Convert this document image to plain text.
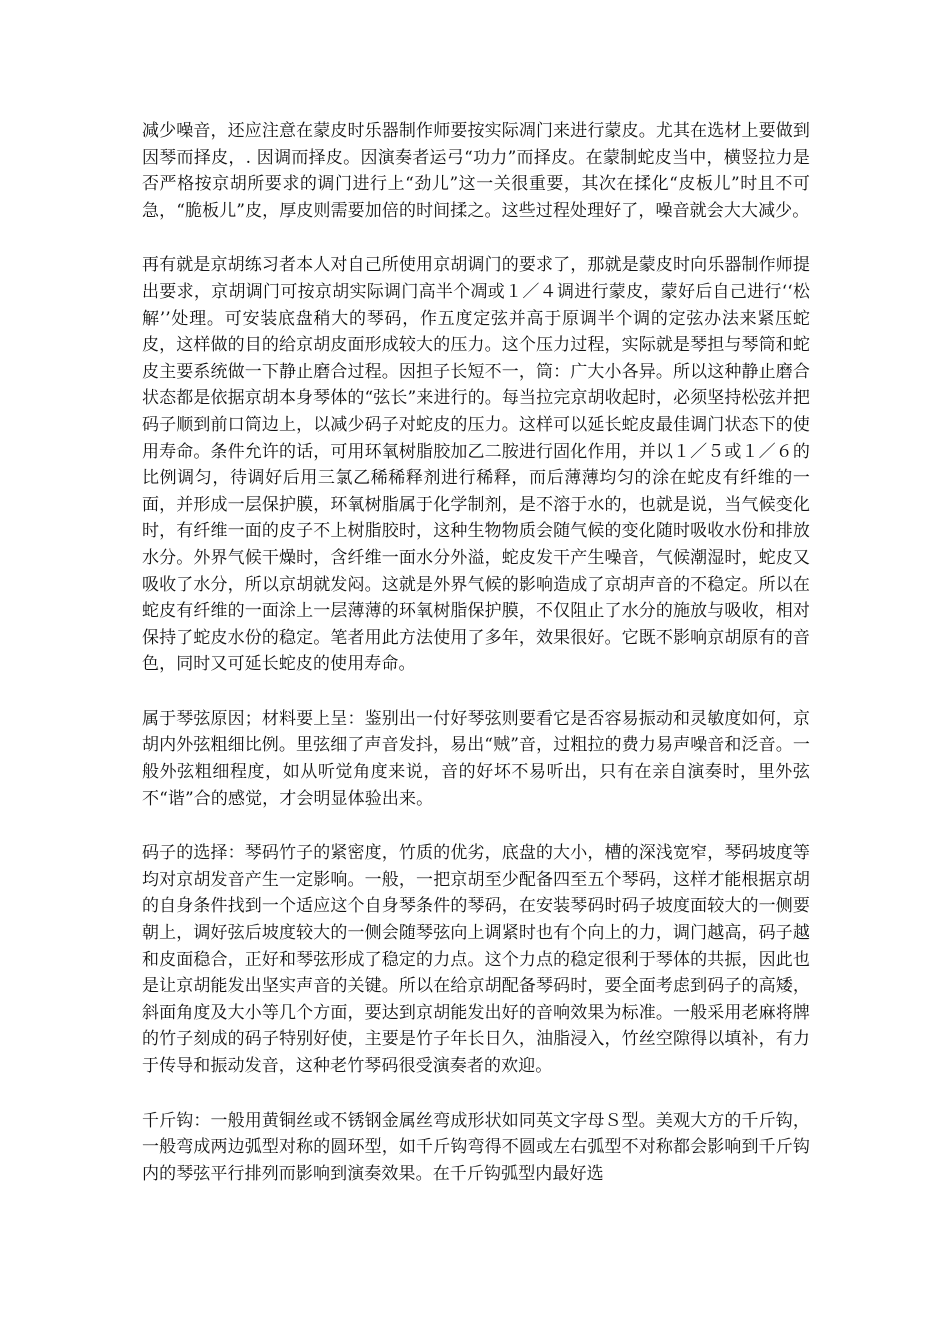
减少噪音，还应注意在蒙皮时乐器制作师要按实际凋门来进行蒙皮。尤其在选材上要做到因琴而择皮，. 因调而择皮。因演奏者运弓“功力”而择皮。在蒙制蛇皮当中，横竖拉力是否严格按京胡所要求的调门进行上“劲儿”这一关很重要，其次在揉化“皮板儿”时且不可急，“脆板儿”皮，厚皮则需要加倍的时间揉之。这些过程处理好了，噪音就会大大减少。

再有就是京胡练习者本人对自己所使用京胡调门的要求了，那就是蒙皮时向乐器制作师提出要求，京胡调门可按京胡实际调门高半个凋或１／４调进行蒙皮，蒙好后自己进行‘‘松解’’处理。可安装底盘稍大的琴码，作五度定弦并高于原调半个调的定弦办法来紧压蛇皮，这样做的目的给京胡皮面形成较大的压力。这个压力过程，实际就是琴担与琴筒和蛇皮主要系统做一下静止磨合过程。因担子长短不一，筒：广大小各异。所以这种静止磨合状态都是依据京胡本身琴体的“弦长”来进行的。每当拉完京胡收起时，必须坚持松弦并把码子顺到前口筒边上，以减少码子对蛇皮的压力。这样可以延长蛇皮最佳调门状态下的使用寿命。条件允许的话，可用环氧树脂胶加乙二胺进行固化作用，并以１／５或１／６的比例调匀，待调好后用三氯乙稀稀释剂进行稀释，而后薄薄均匀的涂在蛇皮有纤维的一面，并形成一层保护膜，环氧树脂属于化学制剂，是不溶于水的，也就是说，当气候变化时，有纤维一面的皮子不上树脂胶时，这种生物物质会随气候的变化随时吸收水份和排放水分。外界气候干燥时，含纤维一面水分外溢，蛇皮发干产生噪音，气候潮湿时，蛇皮又吸收了水分，所以京胡就发闷。这就是外界气候的影响造成了京胡声音的不稳定。所以在蛇皮有纤维的一面涂上一层薄薄的环氧树脂保护膜，不仅阻止了水分的施放与吸收，相对保持了蛇皮水份的稳定。笔者用此方法使用了多年，效果很好。它既不影响京胡原有的音色，同时又可延长蛇皮的使用寿命。

属于琴弦原因；材料要上呈：鉴别出一付好琴弦则要看它是否容易振动和灵敏度如何，京胡内外弦粗细比例。里弦细了声音发抖，易出“贼”音，过粗拉的费力易声噪音和泛音。一般外弦粗细程度，如从听觉角度来说，音的好坏不易听出，只有在亲自演奏时，里外弦不“谐”合的感觉，才会明显体验出来。

码子的选择：琴码竹子的紧密度，竹质的优劣，底盘的大小，槽的深浅宽窄，琴码坡度等均对京胡发音产生一定影响。一般，一把京胡至少配备四至五个琴码，这样才能根据京胡的自身条件找到一个适应这个自身琴条件的琴码，在安装琴码时码子坡度面较大的一侧要朝上，调好弦后坡度较大的一侧会随琴弦向上调紧时也有个向上的力，调门越高，码子越和皮面稳合，正好和琴弦形成了稳定的力点。这个力点的稳定很利于琴体的共振，因此也是让京胡能发出坚实声音的关键。所以在给京胡配备琴码时，要全面考虑到码子的高矮，斜面角度及大小等几个方面，要达到京胡能发出好的音响效果为标准。一般采用老麻将牌的竹子刻成的码子特别好使，主要是竹子年长日久，油脂浸入，竹丝空隙得以填补，有力于传导和振动发音，这种老竹琴码很受演奏者的欢迎。

千斤钩：一般用黄铜丝或不锈钢金属丝弯成形状如同英文字母Ｓ型。美观大方的千斤钩，一般弯成两边弧型对称的圆环型，如千斤钩弯得不圆或左右弧型不对称都会影响到千斤钩内的琴弦平行排列而影响到演奏效果。在千斤钩弧型内最好选
